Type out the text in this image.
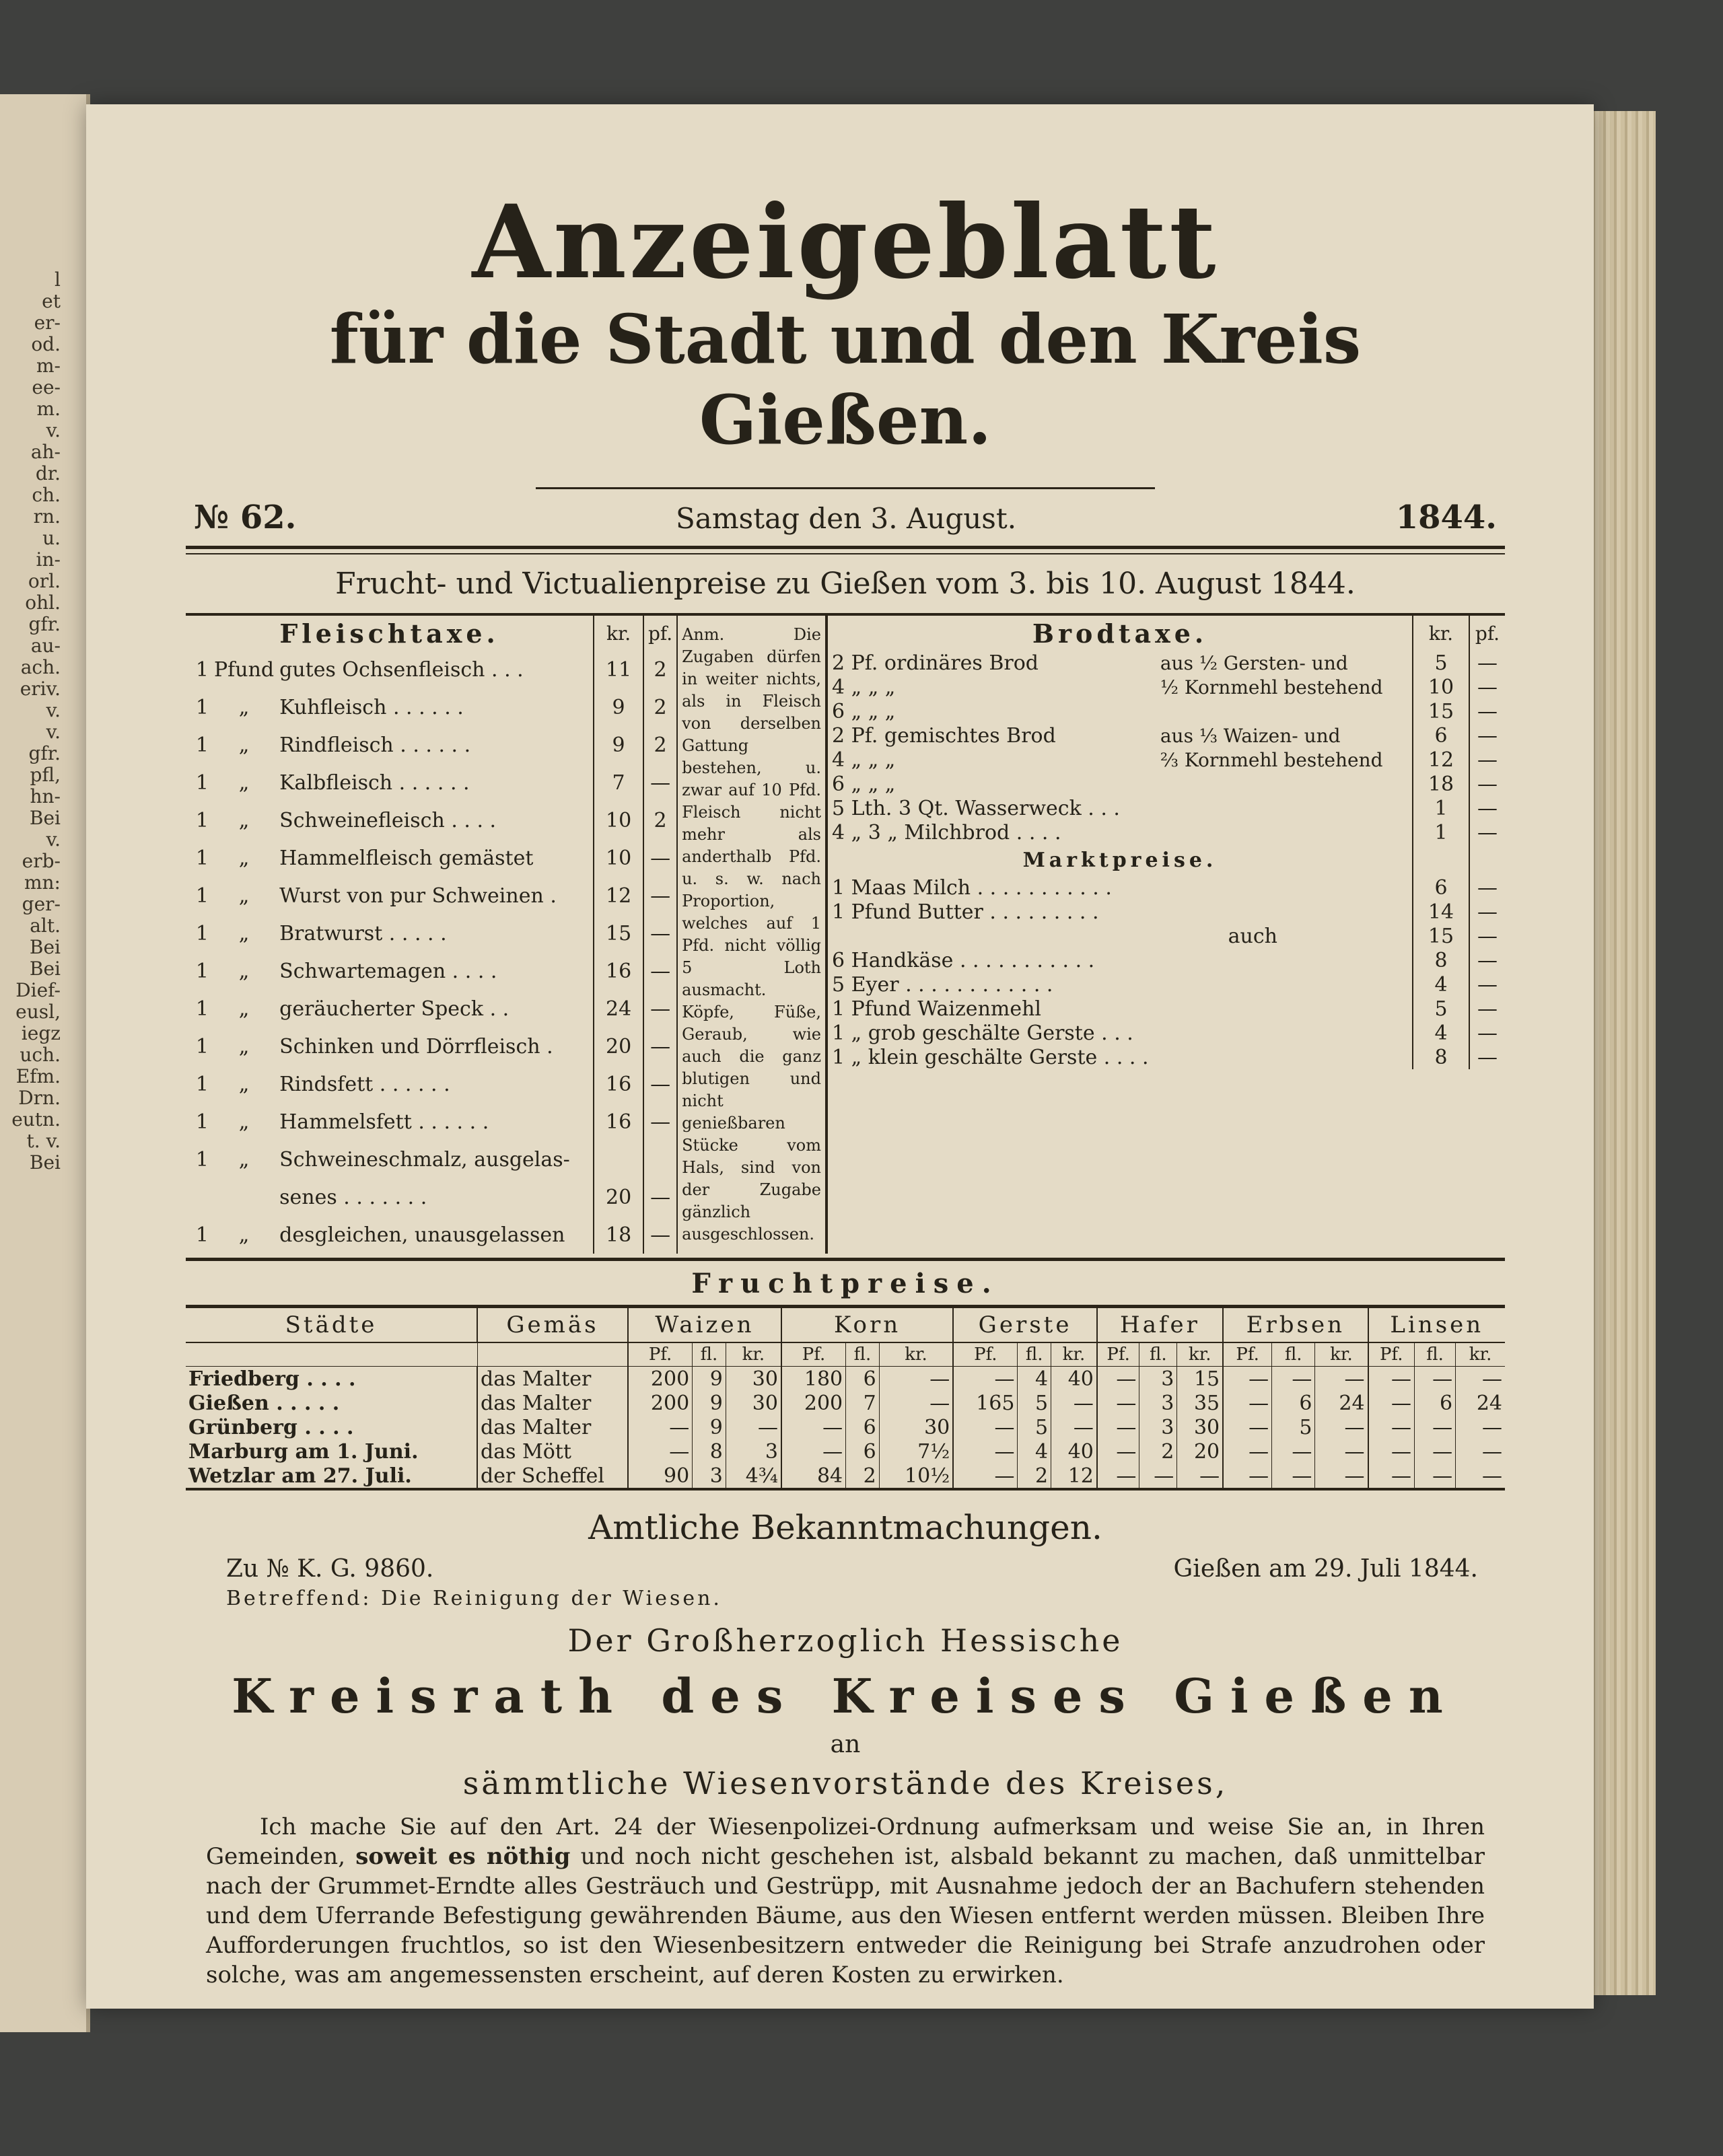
l
et
er-
od.
m-
ee-
m.
v.
ah-
dr.
ch.
rn.
u.
in-
orl.
ohl.
gfr.
au-
ach.
eriv.
v.
v.
gfr.
pfl,
hn-
Bei
v.
erb-
mn:
ger-
alt.
Bei
Bei
Dief-
eusl,
iegz
uch.
Efm.
Drn.
eutn.
t. v.
Bei
Anzeigeblatt
für die Stadt und den Kreis Gießen.
№ 62.	Samstag den 3. August.	1844.
Frucht- und Victualienpreise zu Gießen vom 3. bis 10. August 1844.
Fleischtaxe.			kr.	pf.
1	Pfund	gutes Ochsenfleisch . . .	11	2
1	„	Kuhfleisch . . . . . .	9	2
1	„	Rindfleisch . . . . . .	9	2
1	„	Kalbfleisch . . . . . .	7	—
1	„	Schweinefleisch . . . .	10	2
1	„	Hammelfleisch gemästet	10	—
1	„	Wurst von pur Schweinen .	12	—
1	„	Bratwurst . . . . .	15	—
1	„	Schwartemagen . . . .	16	—
1	„	geräucherter Speck . .	24	—
1	„	Schinken und Dörrfleisch .	20	—
1	„	Rindsfett . . . . . .	16	—
1	„	Hammelsfett . . . . . .	16	—
1	„	Schweineschmalz, ausgelas-		
		senes . . . . . . .	20	—
1	„	desgleichen, unausgelassen	18	—
Anm. Die Zugaben dürfen in weiter nichts, als in Fleisch von derselben Gattung bestehen, u. zwar auf 10 Pfd. Fleisch nicht mehr als anderthalb Pfd. u. s. w. nach Proportion, welches auf 1 Pfd. nicht völlig 5 Loth ausmacht. Köpfe, Füße, Geraub, wie auch die ganz blutigen und nicht genießbaren Stücke vom Hals, sind von der Zugabe gänzlich ausgeschlossen.
Brodtaxe.		kr.	pf.
2 Pf. ordinäres Brod	aus ½ Gersten- und	5	—
4 „ „ „	½ Kornmehl bestehend	10	—
6 „ „ „		15	—
2 Pf. gemischtes Brod	aus ⅓ Waizen- und	6	—
4 „ „ „	⅔ Kornmehl bestehend	12	—
6 „ „ „		18	—
5 Lth. 3 Qt. Wasserweck . . .		1	—
4 „ 3 „ Milchbrod . . . .		1	—
Marktpreise.			
1 Maas Milch . . . . . . . . . . .		6	—
1 Pfund Butter . . . . . . . . .		14	—
auch		15	—
6 Handkäse . . . . . . . . . . .		8	—
5 Eyer . . . . . . . . . . . .		4	—
1 Pfund Waizenmehl		5	—
1 „ grob geschälte Gerste . . .		4	—
1 „ klein geschälte Gerste . . . .		8	—
Fruchtpreise.
Städte	Gemäs	Waizen			Korn			Gerste			Hafer			Erbsen			Linsen		
		Pf.	fl.	kr.	Pf.	fl.	kr.	Pf.	fl.	kr.	Pf.	fl.	kr.	Pf.	fl.	kr.	Pf.	fl.	kr.
Friedberg . . . .	das Malter	200	9	30	180	6	—	—	4	40	—	3	15	—	—	—	—	—	—
Gießen . . . . .	das Malter	200	9	30	200	7	—	165	5	—	—	3	35	—	6	24	—	6	24
Grünberg . . . .	das Malter	—	9	—	—	6	30	—	5	—	—	3	30	—	5	—	—	—	—
Marburg am 1. Juni.	das Mött	—	8	3	—	6	7½	—	4	40	—	2	20	—	—	—	—	—	—
Wetzlar am 27. Juli.	der Scheffel	90	3	4¾	84	2	10½	—	2	12	—	—	—	—	—	—	—	—	—
Amtliche Bekanntmachungen.
Zu № K. G. 9860.	Gießen am 29. Juli 1844.
Betreffend: Die Reinigung der Wiesen.
Der Großherzoglich Hessische
Kreisrath des Kreises Gießen
an
sämmtliche Wiesenvorstände des Kreises,
Ich mache Sie auf den Art. 24 der Wiesenpolizei-Ordnung aufmerksam und weise Sie an, in Ihren Gemeinden, soweit es nöthig und noch nicht geschehen ist, alsbald bekannt zu machen, daß unmittelbar nach der Grummet-Erndte alles Gesträuch und Gestrüpp, mit Ausnahme jedoch der an Bachufern stehenden und dem Uferrande Befestigung gewährenden Bäume, aus den Wiesen entfernt werden müssen. Bleiben Ihre Aufforderungen fruchtlos, so ist den Wiesenbesitzern entweder die Reinigung bei Strafe anzudrohen oder solche, was am angemessensten erscheint, auf deren Kosten zu erwirken.
